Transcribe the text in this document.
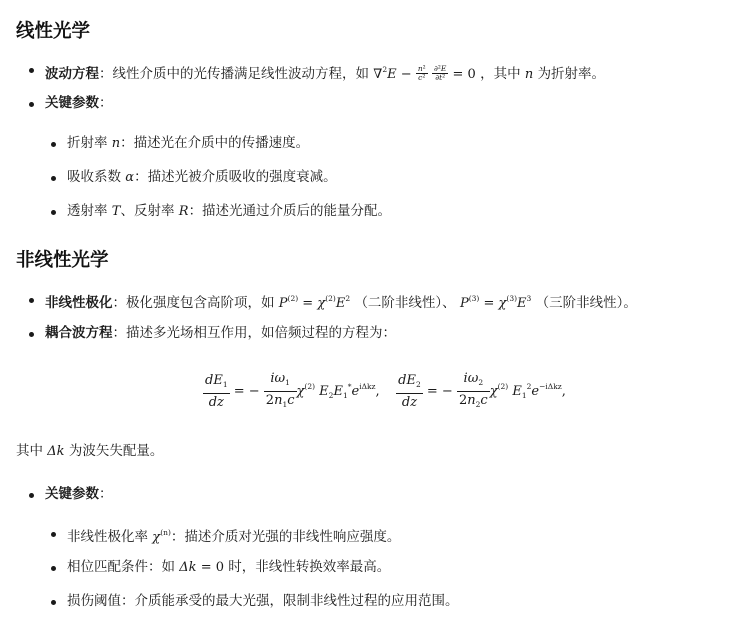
线性光学
波动方程：线性介质中的光传播满足线性波动方程，如 $\nabla^2E - \frac{\text{n²}}{\text{c²}}$
$\frac{\text{∂²E}}{\text{∂t²}} = 0$ ，其中 n 为折射率。
关键参数：
折射率 n：描述光在介质中的传播速度。
吸收系数 α：描述光被介质吸收的强度衰减。
透射率 T、反射率 R：描述光通过介质后的能量分配。
非线性光学
非线性极化：极化强度包含高阶项，如 $P^{(2)} = \chi^{(2)}E^2$ （二阶非线性）、 $P^{(3)} = \chi^{(3)}E^3$ （三阶非线性）。
耦合波方程：描述多光场相互作用，如倍频过程的方程为：
$\frac{dE_1}{dz}$ = − $\frac{i\omega_1}{2n_1c} \chi^{(2)}$ $E_2E_1^*e^{i\Delta kz}$, $\frac{dE_2}{dz}$ = − $\frac{i\omega_2}{2n_2c} \chi^{(2)}$ $E_1^2e^{-i\Delta kz}$,
其中 Δk 为波矢失配量。
关键参数：
非线性极化率 $\chi^{(n)}$：描述介质对光强的非线性响应强度。
相位匹配条件：如 Δk = 0 时，非线性转换效率最高。
损伤阈值：介质能承受的最大光强，限制非线性过程的应用范围。
